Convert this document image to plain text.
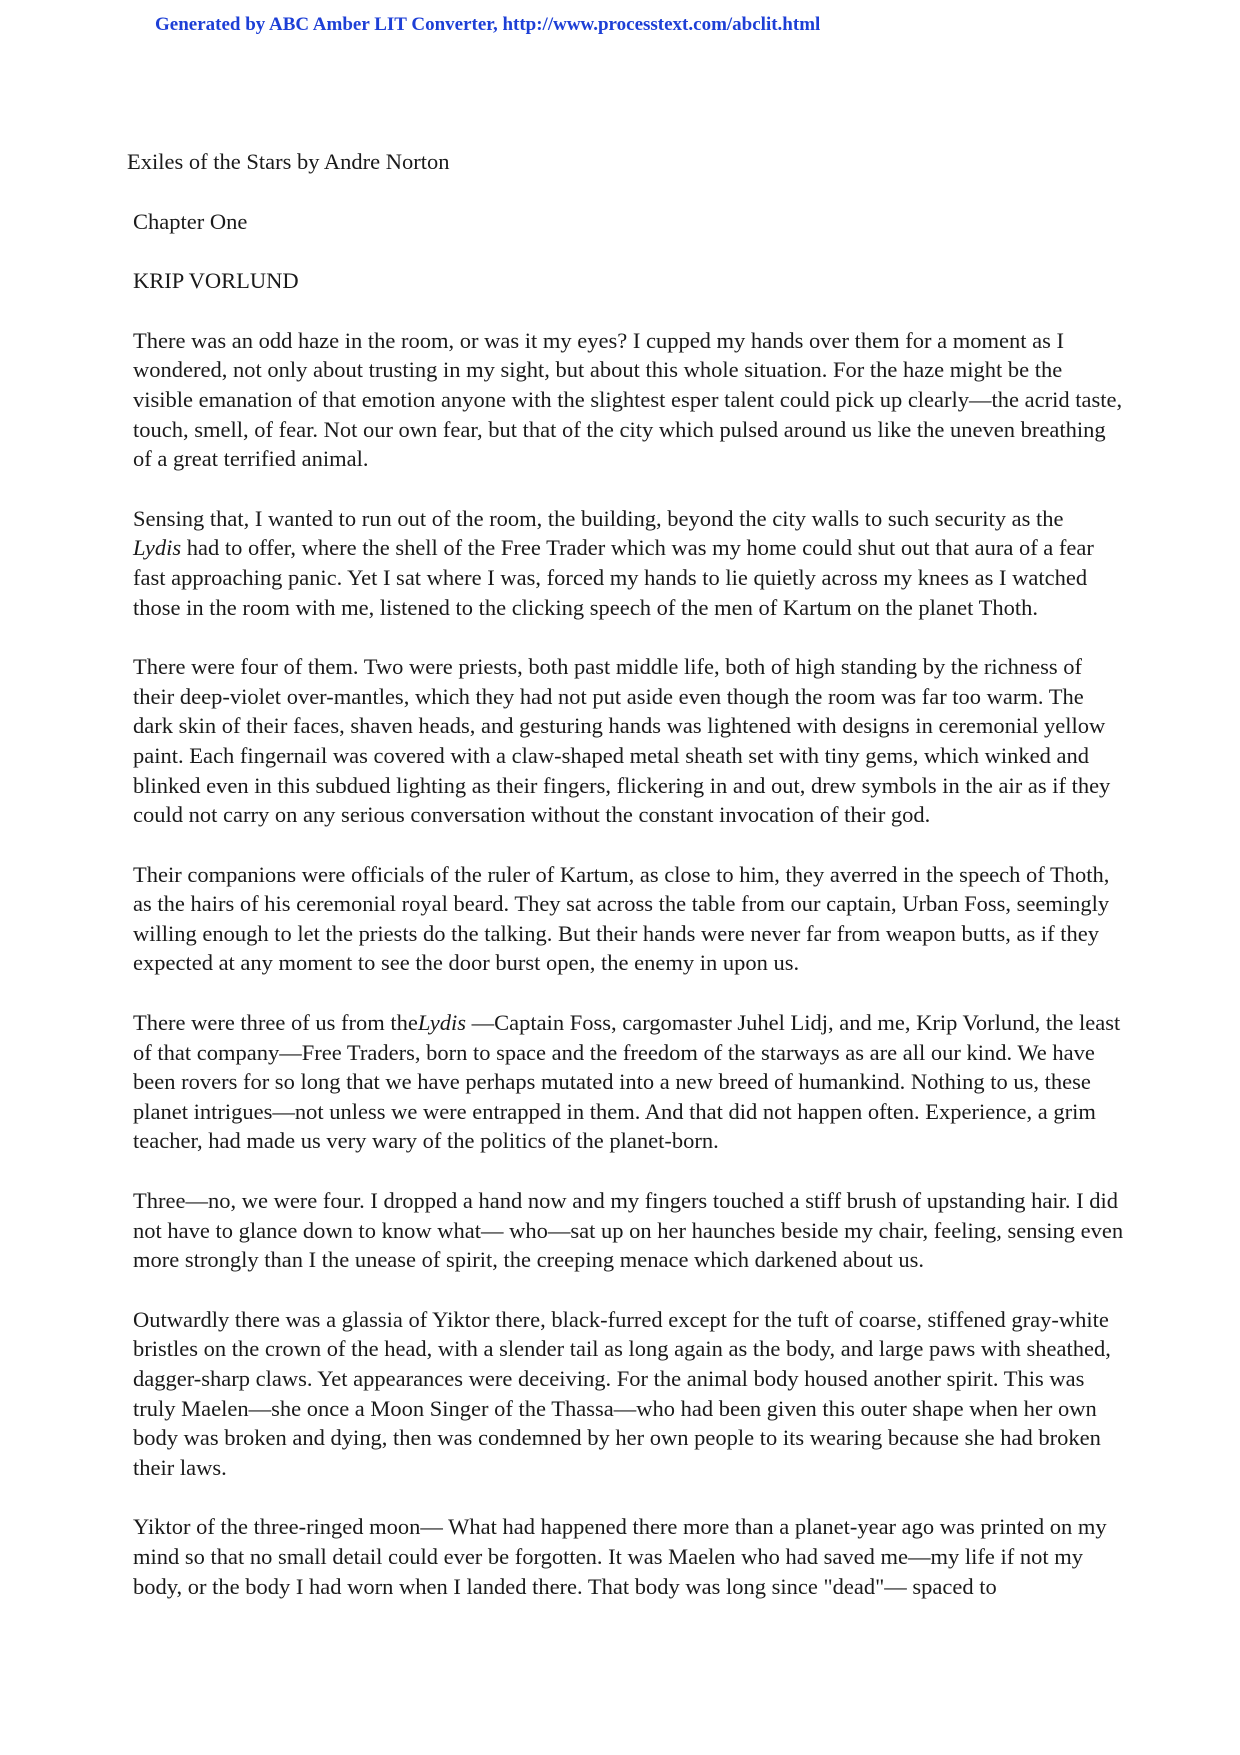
Generated by ABC Amber LIT Converter, http://www.processtext.com/abclit.html
Exiles of the Stars by Andre Norton
Chapter One
KRIP VORLUND
There was an odd haze in the room, or was it my eyes? I cupped my hands over them for a moment as I wondered, not only about trusting in my sight, but about this whole situation. For the haze might be the visible emanation of that emotion anyone with the slightest esper talent could pick up clearly—the acrid taste, touch, smell, of fear. Not our own fear, but that of the city which pulsed around us like the uneven breathing of a great terrified animal.
Sensing that, I wanted to run out of the room, the building, beyond the city walls to such security as the
Lydis had to offer, where the shell of the Free Trader which was my home could shut out that aura of a fear fast approaching panic. Yet I sat where I was, forced my hands to lie quietly across my knees as I watched those in the room with me, listened to the clicking speech of the men of Kartum on the planet Thoth.
There were four of them. Two were priests, both past middle life, both of high standing by the richness of their deep-violet over-mantles, which they had not put aside even though the room was far too warm. The dark skin of their faces, shaven heads, and gesturing hands was lightened with designs in ceremonial yellow paint. Each fingernail was covered with a claw-shaped metal sheath set with tiny gems, which winked and blinked even in this subdued lighting as their fingers, flickering in and out, drew symbols in the air as if they could not carry on any serious conversation without the constant invocation of their god.
Their companions were officials of the ruler of Kartum, as close to him, they averred in the speech of Thoth, as the hairs of his ceremonial royal beard. They sat across the table from our captain, Urban Foss, seemingly willing enough to let the priests do the talking. But their hands were never far from weapon butts, as if they expected at any moment to see the door burst open, the enemy in upon us.
There were three of us from theLydis —Captain Foss, cargomaster Juhel Lidj, and me, Krip Vorlund, the least of that company—Free Traders, born to space and the freedom of the starways as are all our kind. We have been rovers for so long that we have perhaps mutated into a new breed of humankind. Nothing to us, these planet intrigues—not unless we were entrapped in them. And that did not happen often. Experience, a grim teacher, had made us very wary of the politics of the planet-born.
Three—no, we were four. I dropped a hand now and my fingers touched a stiff brush of upstanding hair. I did not have to glance down to know what— who—sat up on her haunches beside my chair, feeling, sensing even more strongly than I the unease of spirit, the creeping menace which darkened about us.
Outwardly there was a glassia of Yiktor there, black-furred except for the tuft of coarse, stiffened gray-white bristles on the crown of the head, with a slender tail as long again as the body, and large paws with sheathed, dagger-sharp claws. Yet appearances were deceiving. For the animal body housed another spirit. This was truly Maelen—she once a Moon Singer of the Thassa—who had been given this outer shape when her own body was broken and dying, then was condemned by her own people to its wearing because she had broken their laws.
Yiktor of the three-ringed moon— What had happened there more than a planet-year ago was printed on my mind so that no small detail could ever be forgotten. It was Maelen who had saved me—my life if not my body, or the body I had worn when I landed there. That body was long since "dead"— spaced to
